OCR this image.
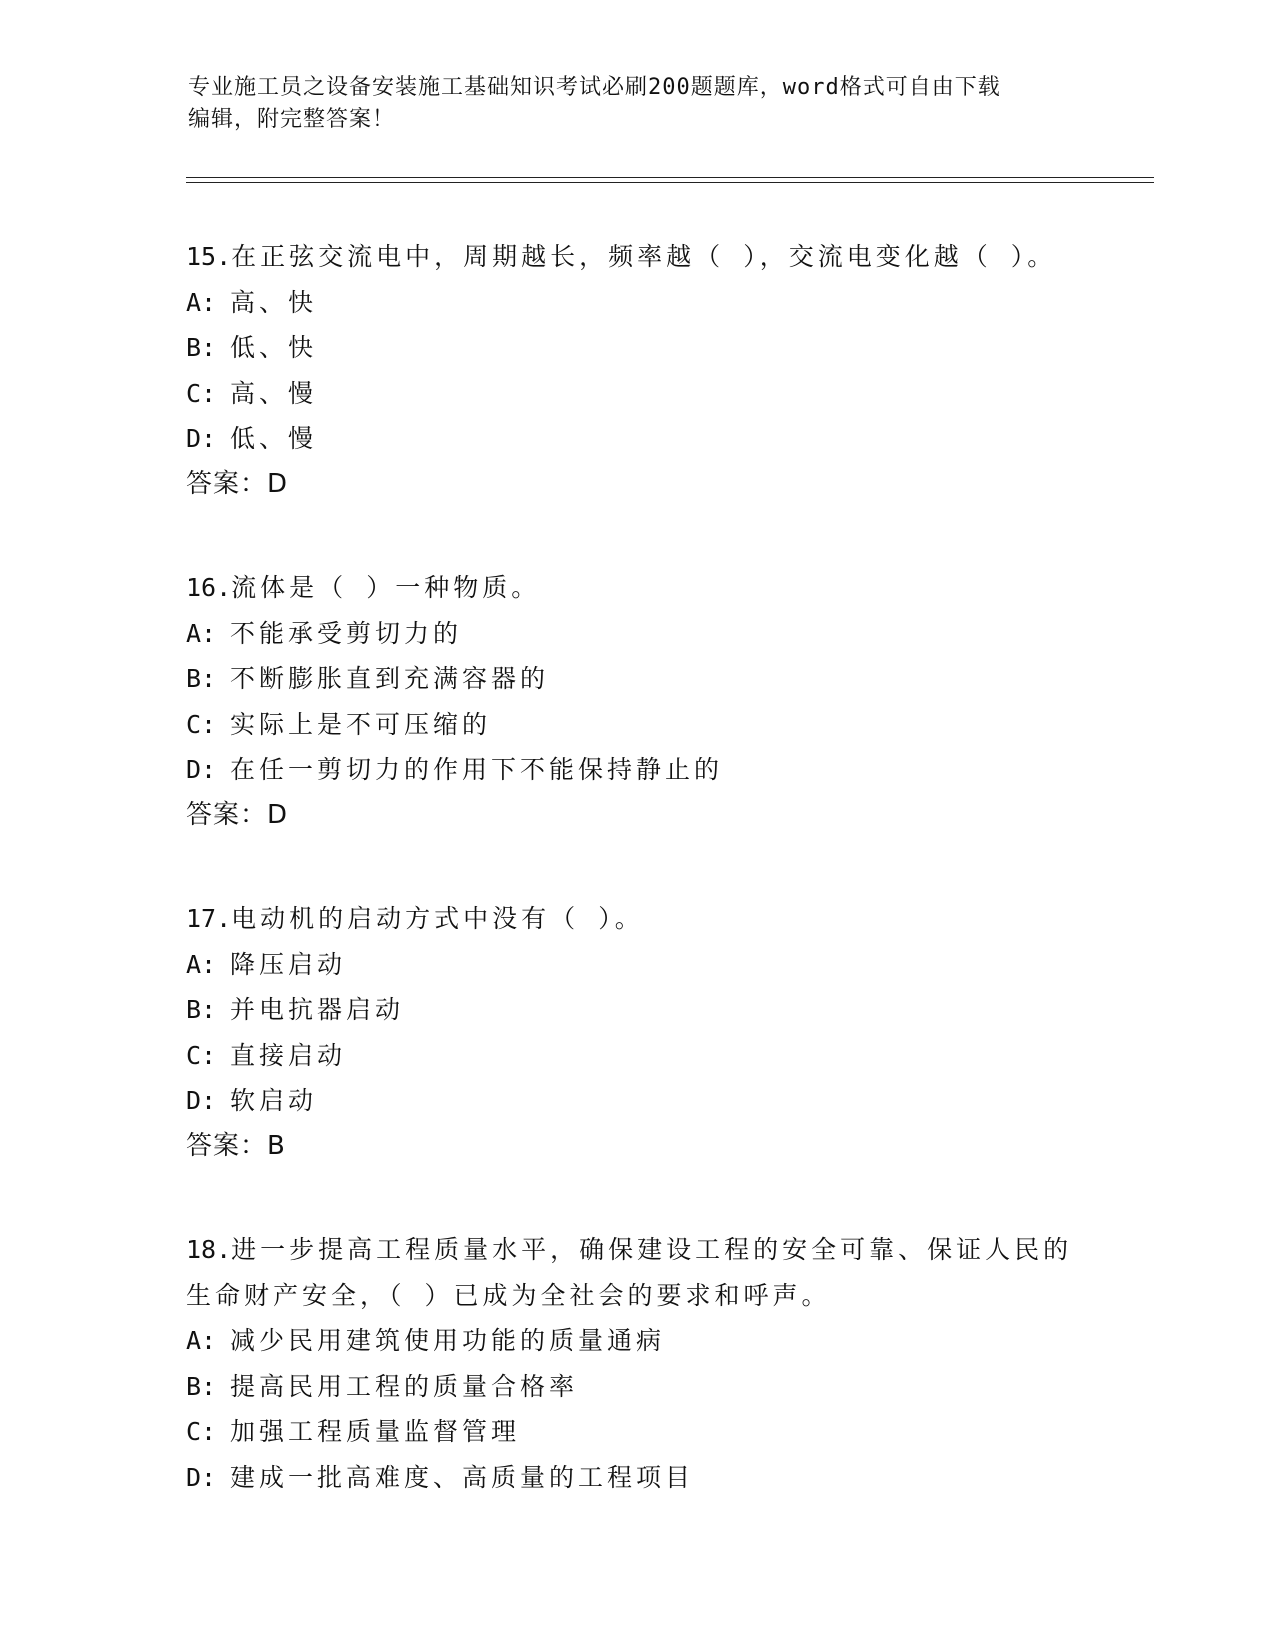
专业施工员之设备安装施工基础知识考试必刷200题题库，word格式可自由下载
编辑，附完整答案！
15.在正弦交流电中，周期越长，频率越（ ），交流电变化越（ ）。
A: 高、快
B: 低、快
C: 高、慢
D: 低、慢
答案：D
16.流体是（ ）一种物质。
A: 不能承受剪切力的
B: 不断膨胀直到充满容器的
C: 实际上是不可压缩的
D: 在任一剪切力的作用下不能保持静止的
答案：D
17.电动机的启动方式中没有（ ）。
A: 降压启动
B: 并电抗器启动
C: 直接启动
D: 软启动
答案：B
18.进一步提高工程质量水平，确保建设工程的安全可靠、保证人民的
生命财产安全，（ ）已成为全社会的要求和呼声。
A: 减少民用建筑使用功能的质量通病
B: 提高民用工程的质量合格率
C: 加强工程质量监督管理
D: 建成一批高难度、高质量的工程项目
